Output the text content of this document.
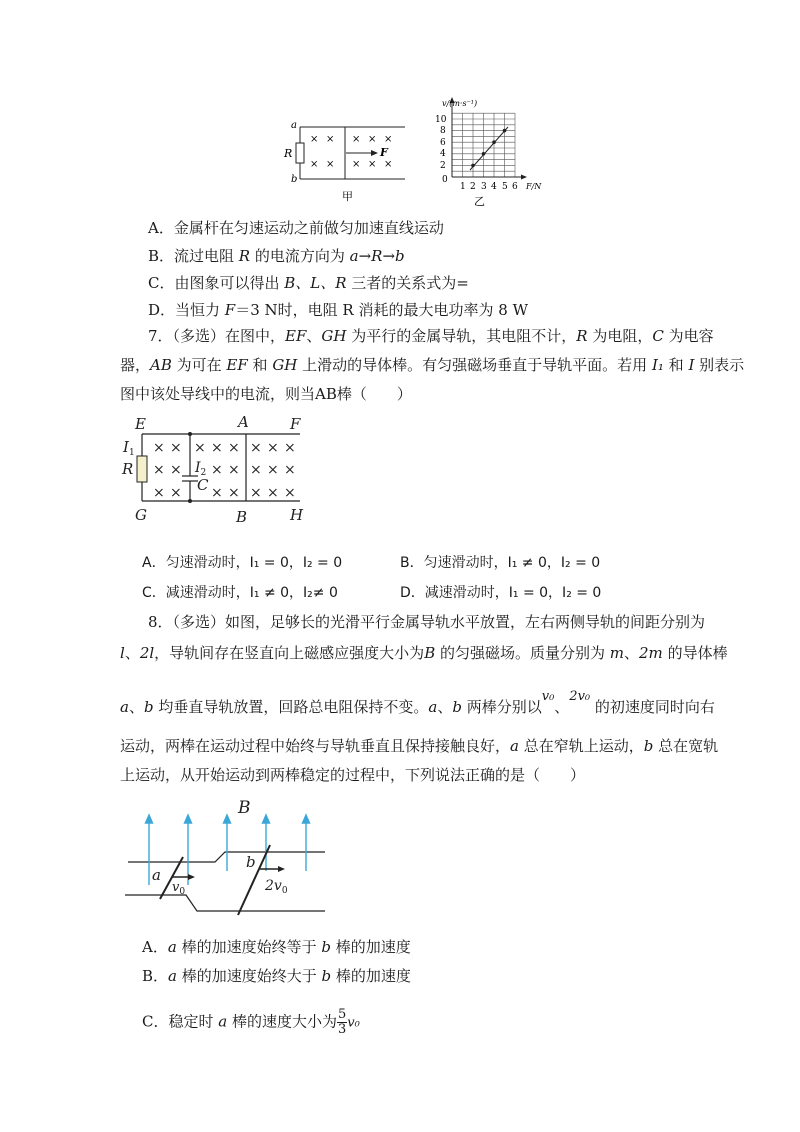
× × × × ×
× × × × ×
a
b
R	F
甲
v/(m·s⁻¹)
F/N
0
2
4
6
8
10
1 2 3 4 5 6
乙
A．金属杆在匀速运动之前做匀加速直线运动
B．流过电阻 R 的电流方向为 a→R→b
C．由图象可以得出 B、L、R 三者的关系式为=
D．当恒力 F＝3 N时，电阻 R 消耗的最大电功率为 8 W
7．（多选）在图中，EF、GH 为平行的金属导轨，其电阻不计，R 为电阻，C 为电容
器，AB 为可在 EF 和 GH 上滑动的导体棒。有匀强磁场垂直于导轨平面。若用 I₁ 和 I 别表示
图中该处导线中的电流，则当AB棒（　　）
× × × × × × × ×
× × × × × × ×
× × × × × × ×
E	A	F
R
C
G	B	H
$I_1$
$I_2$
A．匀速滑动时，I₁ = 0，I₂ = 0	B．匀速滑动时，I₁ ≠ 0，I₂ = 0
C．减速滑动时，I₁ ≠ 0，I₂≠ 0	D．减速滑动时，I₁ = 0，I₂ = 0
8．（多选）如图，足够长的光滑平行金属导轨水平放置，左右两侧导轨的间距分别为
l、2l，导轨间存在竖直向上磁感应强度大小为B 的匀强磁场。质量分别为 m、2m 的导体棒
a、b 均垂直导轨放置，回路总电阻保持不变。a、b 两棒分别以v₀、2v₀ 的初速度同时向右
运动，两棒在运动过程中始终与导轨垂直且保持接触良好，a 总在窄轨上运动，b 总在宽轨
上运动，从开始运动到两棒稳定的过程中，下列说法正确的是（　　）
B
a
$v_0$
b
$2v_0$
A．a 棒的加速度始终等于 b 棒的加速度
B．a 棒的加速度始终大于 b 棒的加速度
C．稳定时 a 棒的速度大小为 $\frac{5}{3} v_0$
